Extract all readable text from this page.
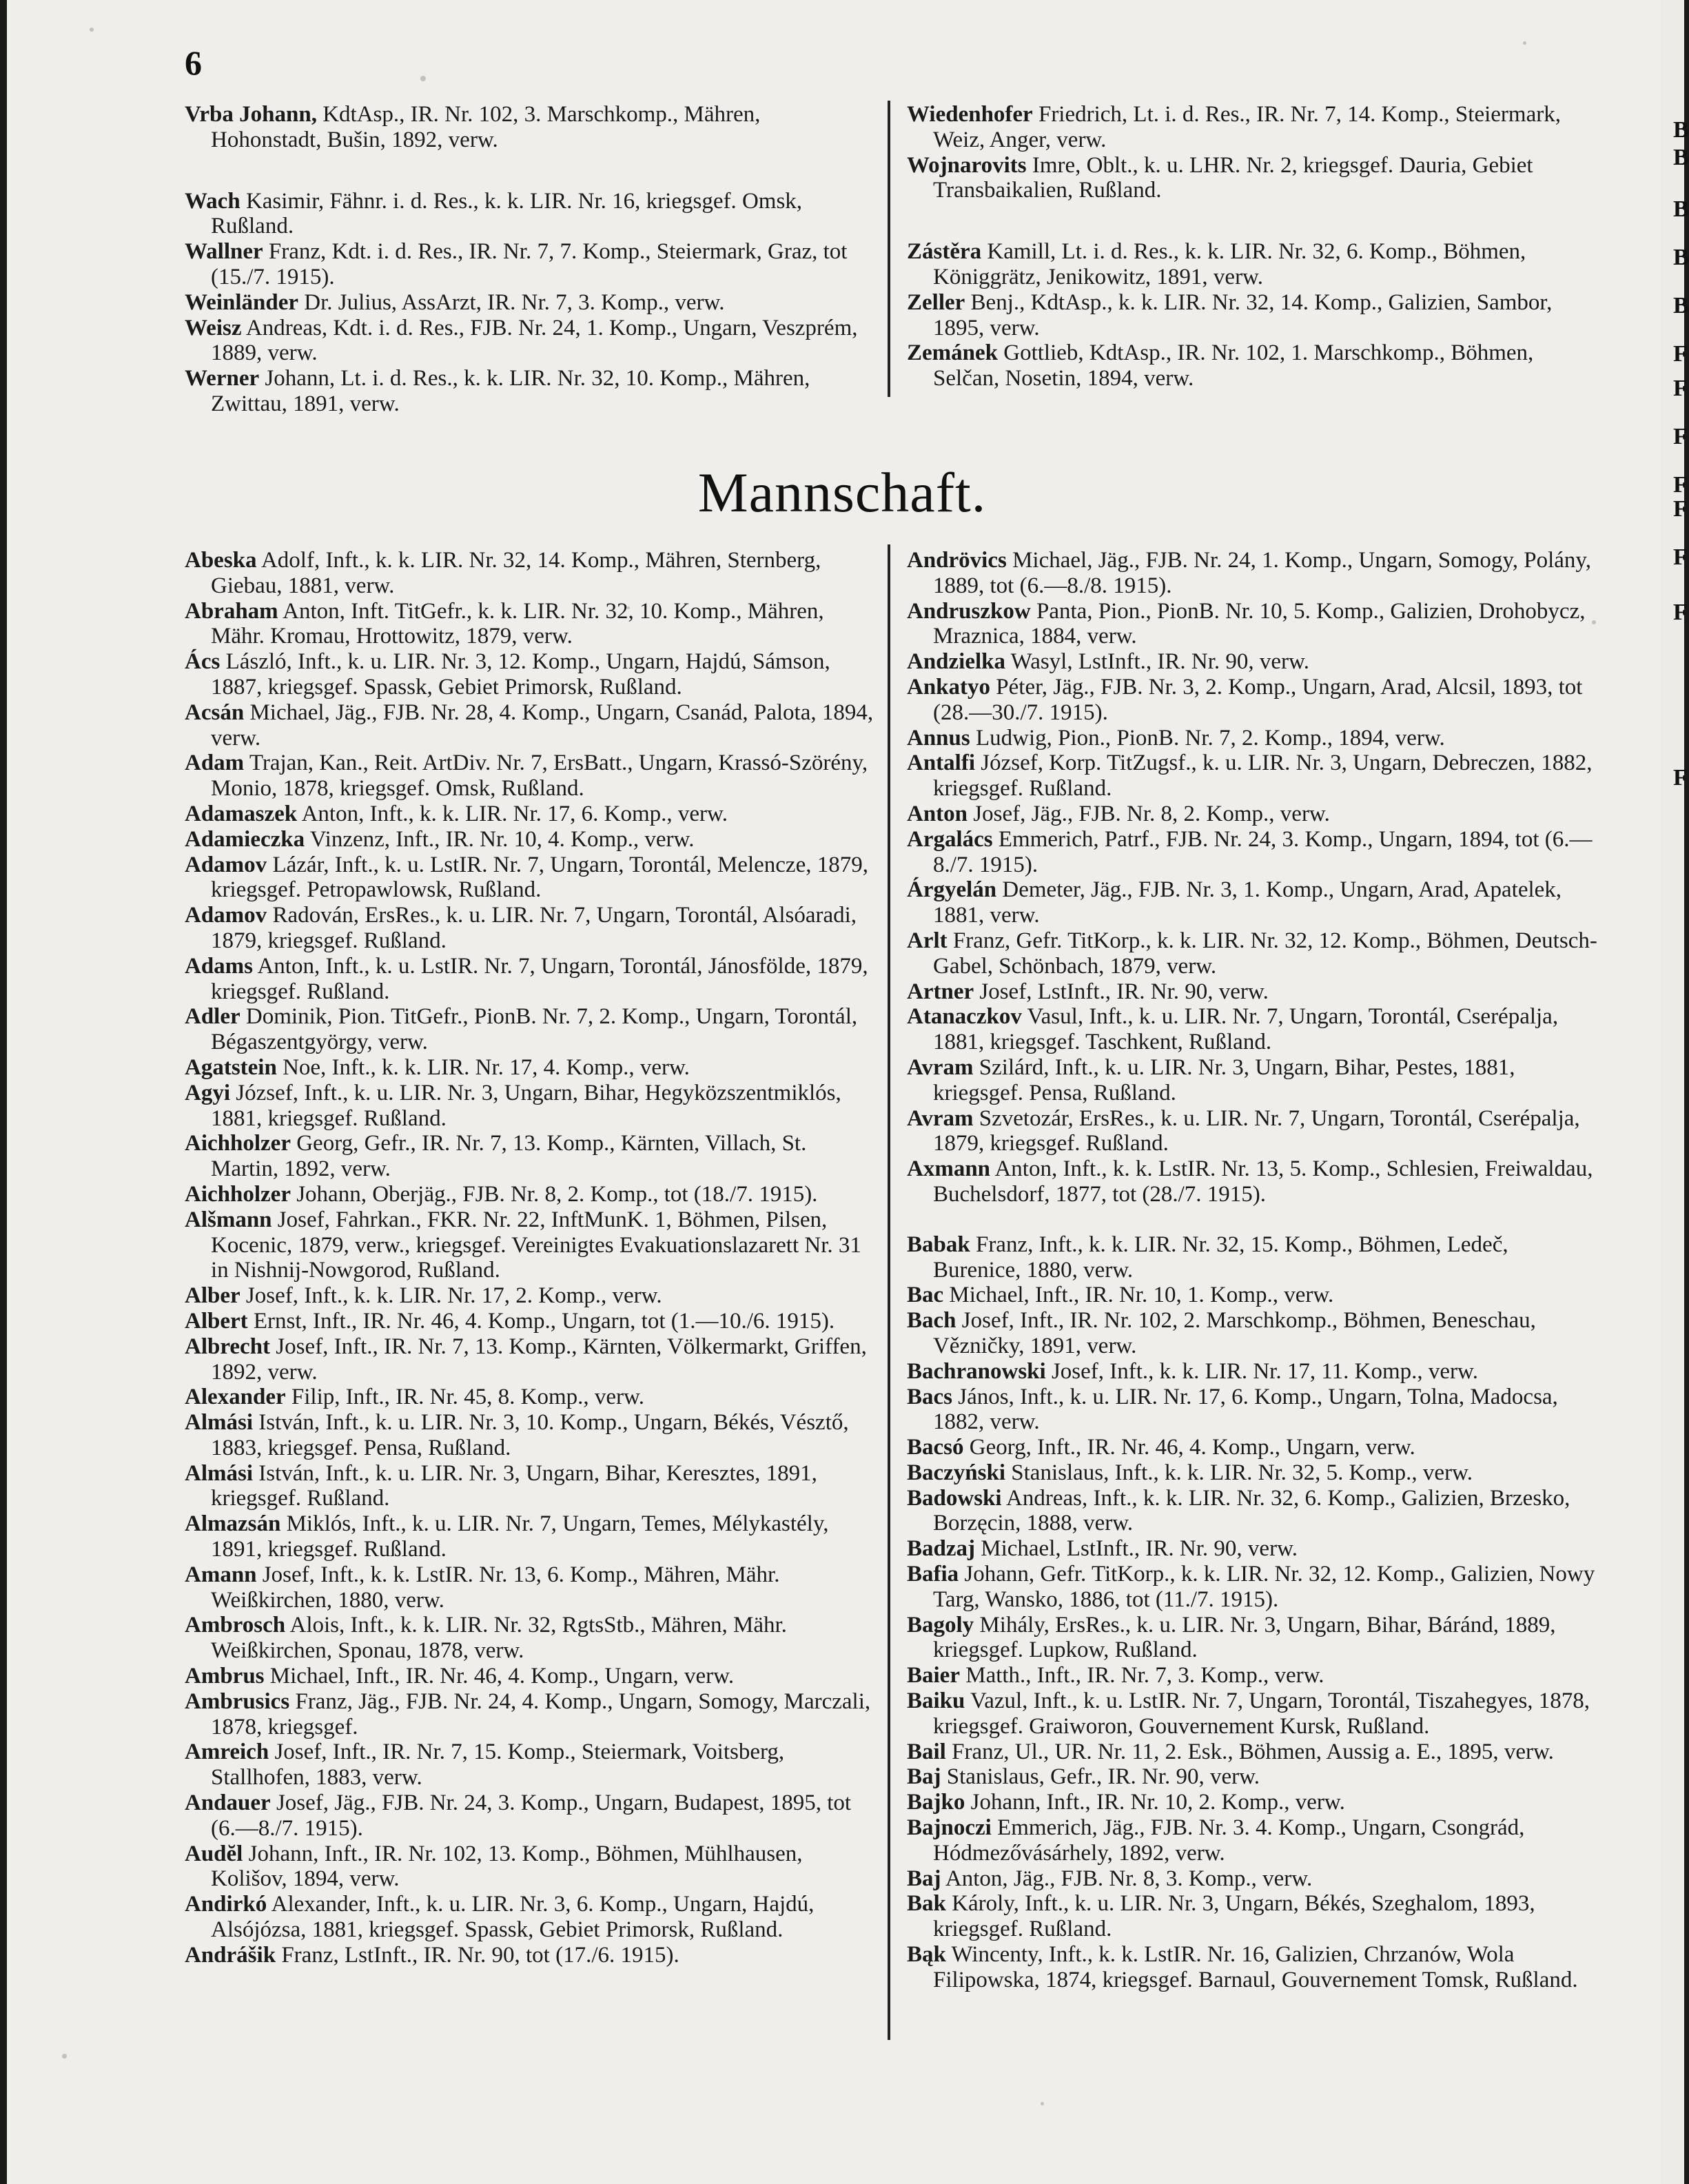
B
B
B
B
B
F
F
F
F
F
F
F
F
6
Vrba Johann, KdtAsp., IR. Nr. 102, 3. Marschkomp., Mähren, Hohonstadt, Bušin, 1892, verw.
Wach Kasimir, Fähnr. i. d. Res., k. k. LIR. Nr. 16, kriegsgef. Omsk, Rußland.
Wallner Franz, Kdt. i. d. Res., IR. Nr. 7, 7. Komp., Steiermark, Graz, tot (15./7. 1915).
Weinländer Dr. Julius, AssArzt, IR. Nr. 7, 3. Komp., verw.
Weisz Andreas, Kdt. i. d. Res., FJB. Nr. 24, 1. Komp., Ungarn, Veszprém, 1889, verw.
Werner Johann, Lt. i. d. Res., k. k. LIR. Nr. 32, 10. Komp., Mähren, Zwittau, 1891, verw.
Wiedenhofer Friedrich, Lt. i. d. Res., IR. Nr. 7, 14. Komp., Steiermark, Weiz, Anger, verw.
Wojnarovits Imre, Oblt., k. u. LHR. Nr. 2, kriegsgef. Dauria, Gebiet Transbaikalien, Rußland.
Zástěra Kamill, Lt. i. d. Res., k. k. LIR. Nr. 32, 6. Komp., Böhmen, Königgrätz, Jenikowitz, 1891, verw.
Zeller Benj., KdtAsp., k. k. LIR. Nr. 32, 14. Komp., Galizien, Sambor, 1895, verw.
Zemánek Gottlieb, KdtAsp., IR. Nr. 102, 1. Marschkomp., Böhmen, Selčan, Nosetin, 1894, verw.
Mannschaft.
Abeska Adolf, Inft., k. k. LIR. Nr. 32, 14. Komp., Mähren, Sternberg, Giebau, 1881, verw.
Abraham Anton, Inft. TitGefr., k. k. LIR. Nr. 32, 10. Komp., Mähren, Mähr. Kromau, Hrottowitz, 1879, verw.
Ács László, Inft., k. u. LIR. Nr. 3, 12. Komp., Ungarn, Hajdú, Sámson, 1887, kriegsgef. Spassk, Gebiet Primorsk, Rußland.
Acsán Michael, Jäg., FJB. Nr. 28, 4. Komp., Ungarn, Csanád, Palota, 1894, verw.
Adam Trajan, Kan., Reit. ArtDiv. Nr. 7, ErsBatt., Ungarn, Krassó-Szörény, Monio, 1878, kriegsgef. Omsk, Rußland.
Adamaszek Anton, Inft., k. k. LIR. Nr. 17, 6. Komp., verw.
Adamieczka Vinzenz, Inft., IR. Nr. 10, 4. Komp., verw.
Adamov Lázár, Inft., k. u. LstIR. Nr. 7, Ungarn, Torontál, Melencze, 1879, kriegsgef. Petropawlowsk, Rußland.
Adamov Radován, ErsRes., k. u. LIR. Nr. 7, Ungarn, Torontál, Alsóaradi, 1879, kriegsgef. Rußland.
Adams Anton, Inft., k. u. LstIR. Nr. 7, Ungarn, Torontál, Jánosfölde, 1879, kriegsgef. Rußland.
Adler Dominik, Pion. TitGefr., PionB. Nr. 7, 2. Komp., Ungarn, Torontál, Bégaszentgyörgy, verw.
Agatstein Noe, Inft., k. k. LIR. Nr. 17, 4. Komp., verw.
Agyi József, Inft., k. u. LIR. Nr. 3, Ungarn, Bihar, Hegyközszentmiklós, 1881, kriegsgef. Rußland.
Aichholzer Georg, Gefr., IR. Nr. 7, 13. Komp., Kärnten, Villach, St. Martin, 1892, verw.
Aichholzer Johann, Oberjäg., FJB. Nr. 8, 2. Komp., tot (18./7. 1915).
Alšmann Josef, Fahrkan., FKR. Nr. 22, InftMunK. 1, Böhmen, Pilsen, Kocenic, 1879, verw., kriegsgef. Vereinigtes Evakuationslazarett Nr. 31 in Nishnij-Nowgorod, Rußland.
Alber Josef, Inft., k. k. LIR. Nr. 17, 2. Komp., verw.
Albert Ernst, Inft., IR. Nr. 46, 4. Komp., Ungarn, tot (1.—10./6. 1915).
Albrecht Josef, Inft., IR. Nr. 7, 13. Komp., Kärnten, Völkermarkt, Griffen, 1892, verw.
Alexander Filip, Inft., IR. Nr. 45, 8. Komp., verw.
Almási István, Inft., k. u. LIR. Nr. 3, 10. Komp., Ungarn, Békés, Vésztő, 1883, kriegsgef. Pensa, Rußland.
Almási István, Inft., k. u. LIR. Nr. 3, Ungarn, Bihar, Keresztes, 1891, kriegsgef. Rußland.
Almazsán Miklós, Inft., k. u. LIR. Nr. 7, Ungarn, Temes, Mélykastély, 1891, kriegsgef. Rußland.
Amann Josef, Inft., k. k. LstIR. Nr. 13, 6. Komp., Mähren, Mähr. Weißkirchen, 1880, verw.
Ambrosch Alois, Inft., k. k. LIR. Nr. 32, RgtsStb., Mähren, Mähr. Weißkirchen, Sponau, 1878, verw.
Ambrus Michael, Inft., IR. Nr. 46, 4. Komp., Ungarn, verw.
Ambrusics Franz, Jäg., FJB. Nr. 24, 4. Komp., Ungarn, Somogy, Marczali, 1878, kriegsgef.
Amreich Josef, Inft., IR. Nr. 7, 15. Komp., Steiermark, Voitsberg, Stallhofen, 1883, verw.
Andauer Josef, Jäg., FJB. Nr. 24, 3. Komp., Ungarn, Budapest, 1895, tot (6.—8./7. 1915).
Audĕl Johann, Inft., IR. Nr. 102, 13. Komp., Böhmen, Mühlhausen, Kolišov, 1894, verw.
Andirkó Alexander, Inft., k. u. LIR. Nr. 3, 6. Komp., Ungarn, Hajdú, Alsójózsa, 1881, kriegsgef. Spassk, Gebiet Primorsk, Rußland.
Andrášik Franz, LstInft., IR. Nr. 90, tot (17./6. 1915).
Andrövics Michael, Jäg., FJB. Nr. 24, 1. Komp., Ungarn, Somogy, Polány, 1889, tot (6.—8./8. 1915).
Andruszkow Panta, Pion., PionB. Nr. 10, 5. Komp., Galizien, Drohobycz, Mraznica, 1884, verw.
Andzielka Wasyl, LstInft., IR. Nr. 90, verw.
Ankatyo Péter, Jäg., FJB. Nr. 3, 2. Komp., Ungarn, Arad, Alcsil, 1893, tot (28.—30./7. 1915).
Annus Ludwig, Pion., PionB. Nr. 7, 2. Komp., 1894, verw.
Antalfi József, Korp. TitZugsf., k. u. LIR. Nr. 3, Ungarn, Debreczen, 1882, kriegsgef. Rußland.
Anton Josef, Jäg., FJB. Nr. 8, 2. Komp., verw.
Argalács Emmerich, Patrf., FJB. Nr. 24, 3. Komp., Ungarn, 1894, tot (6.—8./7. 1915).
Árgyelán Demeter, Jäg., FJB. Nr. 3, 1. Komp., Ungarn, Arad, Apatelek, 1881, verw.
Arlt Franz, Gefr. TitKorp., k. k. LIR. Nr. 32, 12. Komp., Böhmen, Deutsch-Gabel, Schönbach, 1879, verw.
Artner Josef, LstInft., IR. Nr. 90, verw.
Atanaczkov Vasul, Inft., k. u. LIR. Nr. 7, Ungarn, Torontál, Cserépalja, 1881, kriegsgef. Taschkent, Rußland.
Avram Szilárd, Inft., k. u. LIR. Nr. 3, Ungarn, Bihar, Pestes, 1881, kriegsgef. Pensa, Rußland.
Avram Szvetozár, ErsRes., k. u. LIR. Nr. 7, Ungarn, Torontál, Cserépalja, 1879, kriegsgef. Rußland.
Axmann Anton, Inft., k. k. LstIR. Nr. 13, 5. Komp., Schlesien, Freiwaldau, Buchelsdorf, 1877, tot (28./7. 1915).
Babak Franz, Inft., k. k. LIR. Nr. 32, 15. Komp., Böhmen, Ledeč, Burenice, 1880, verw.
Bac Michael, Inft., IR. Nr. 10, 1. Komp., verw.
Bach Josef, Inft., IR. Nr. 102, 2. Marschkomp., Böhmen, Beneschau, Vězničky, 1891, verw.
Bachranowski Josef, Inft., k. k. LIR. Nr. 17, 11. Komp., verw.
Bacs János, Inft., k. u. LIR. Nr. 17, 6. Komp., Ungarn, Tolna, Madocsa, 1882, verw.
Bacsó Georg, Inft., IR. Nr. 46, 4. Komp., Ungarn, verw.
Baczyński Stanislaus, Inft., k. k. LIR. Nr. 32, 5. Komp., verw.
Badowski Andreas, Inft., k. k. LIR. Nr. 32, 6. Komp., Galizien, Brzesko, Borzęcin, 1888, verw.
Badzaj Michael, LstInft., IR. Nr. 90, verw.
Bafia Johann, Gefr. TitKorp., k. k. LIR. Nr. 32, 12. Komp., Galizien, Nowy Targ, Wansko, 1886, tot (11./7. 1915).
Bagoly Mihály, ErsRes., k. u. LIR. Nr. 3, Ungarn, Bihar, Báránd, 1889, kriegsgef. Lupkow, Rußland.
Baier Matth., Inft., IR. Nr. 7, 3. Komp., verw.
Baiku Vazul, Inft., k. u. LstIR. Nr. 7, Ungarn, Torontál, Tiszahegyes, 1878, kriegsgef. Graiworon, Gouvernement Kursk, Rußland.
Bail Franz, Ul., UR. Nr. 11, 2. Esk., Böhmen, Aussig a. E., 1895, verw.
Baj Stanislaus, Gefr., IR. Nr. 90, verw.
Bajko Johann, Inft., IR. Nr. 10, 2. Komp., verw.
Bajnoczi Emmerich, Jäg., FJB. Nr. 3. 4. Komp., Ungarn, Csongrád, Hódmezővásárhely, 1892, verw.
Baj Anton, Jäg., FJB. Nr. 8, 3. Komp., verw.
Bak Károly, Inft., k. u. LIR. Nr. 3, Ungarn, Békés, Szeghalom, 1893, kriegsgef. Rußland.
Bąk Wincenty, Inft., k. k. LstIR. Nr. 16, Galizien, Chrzanów, Wola Filipowska, 1874, kriegsgef. Barnaul, Gouvernement Tomsk, Rußland.
